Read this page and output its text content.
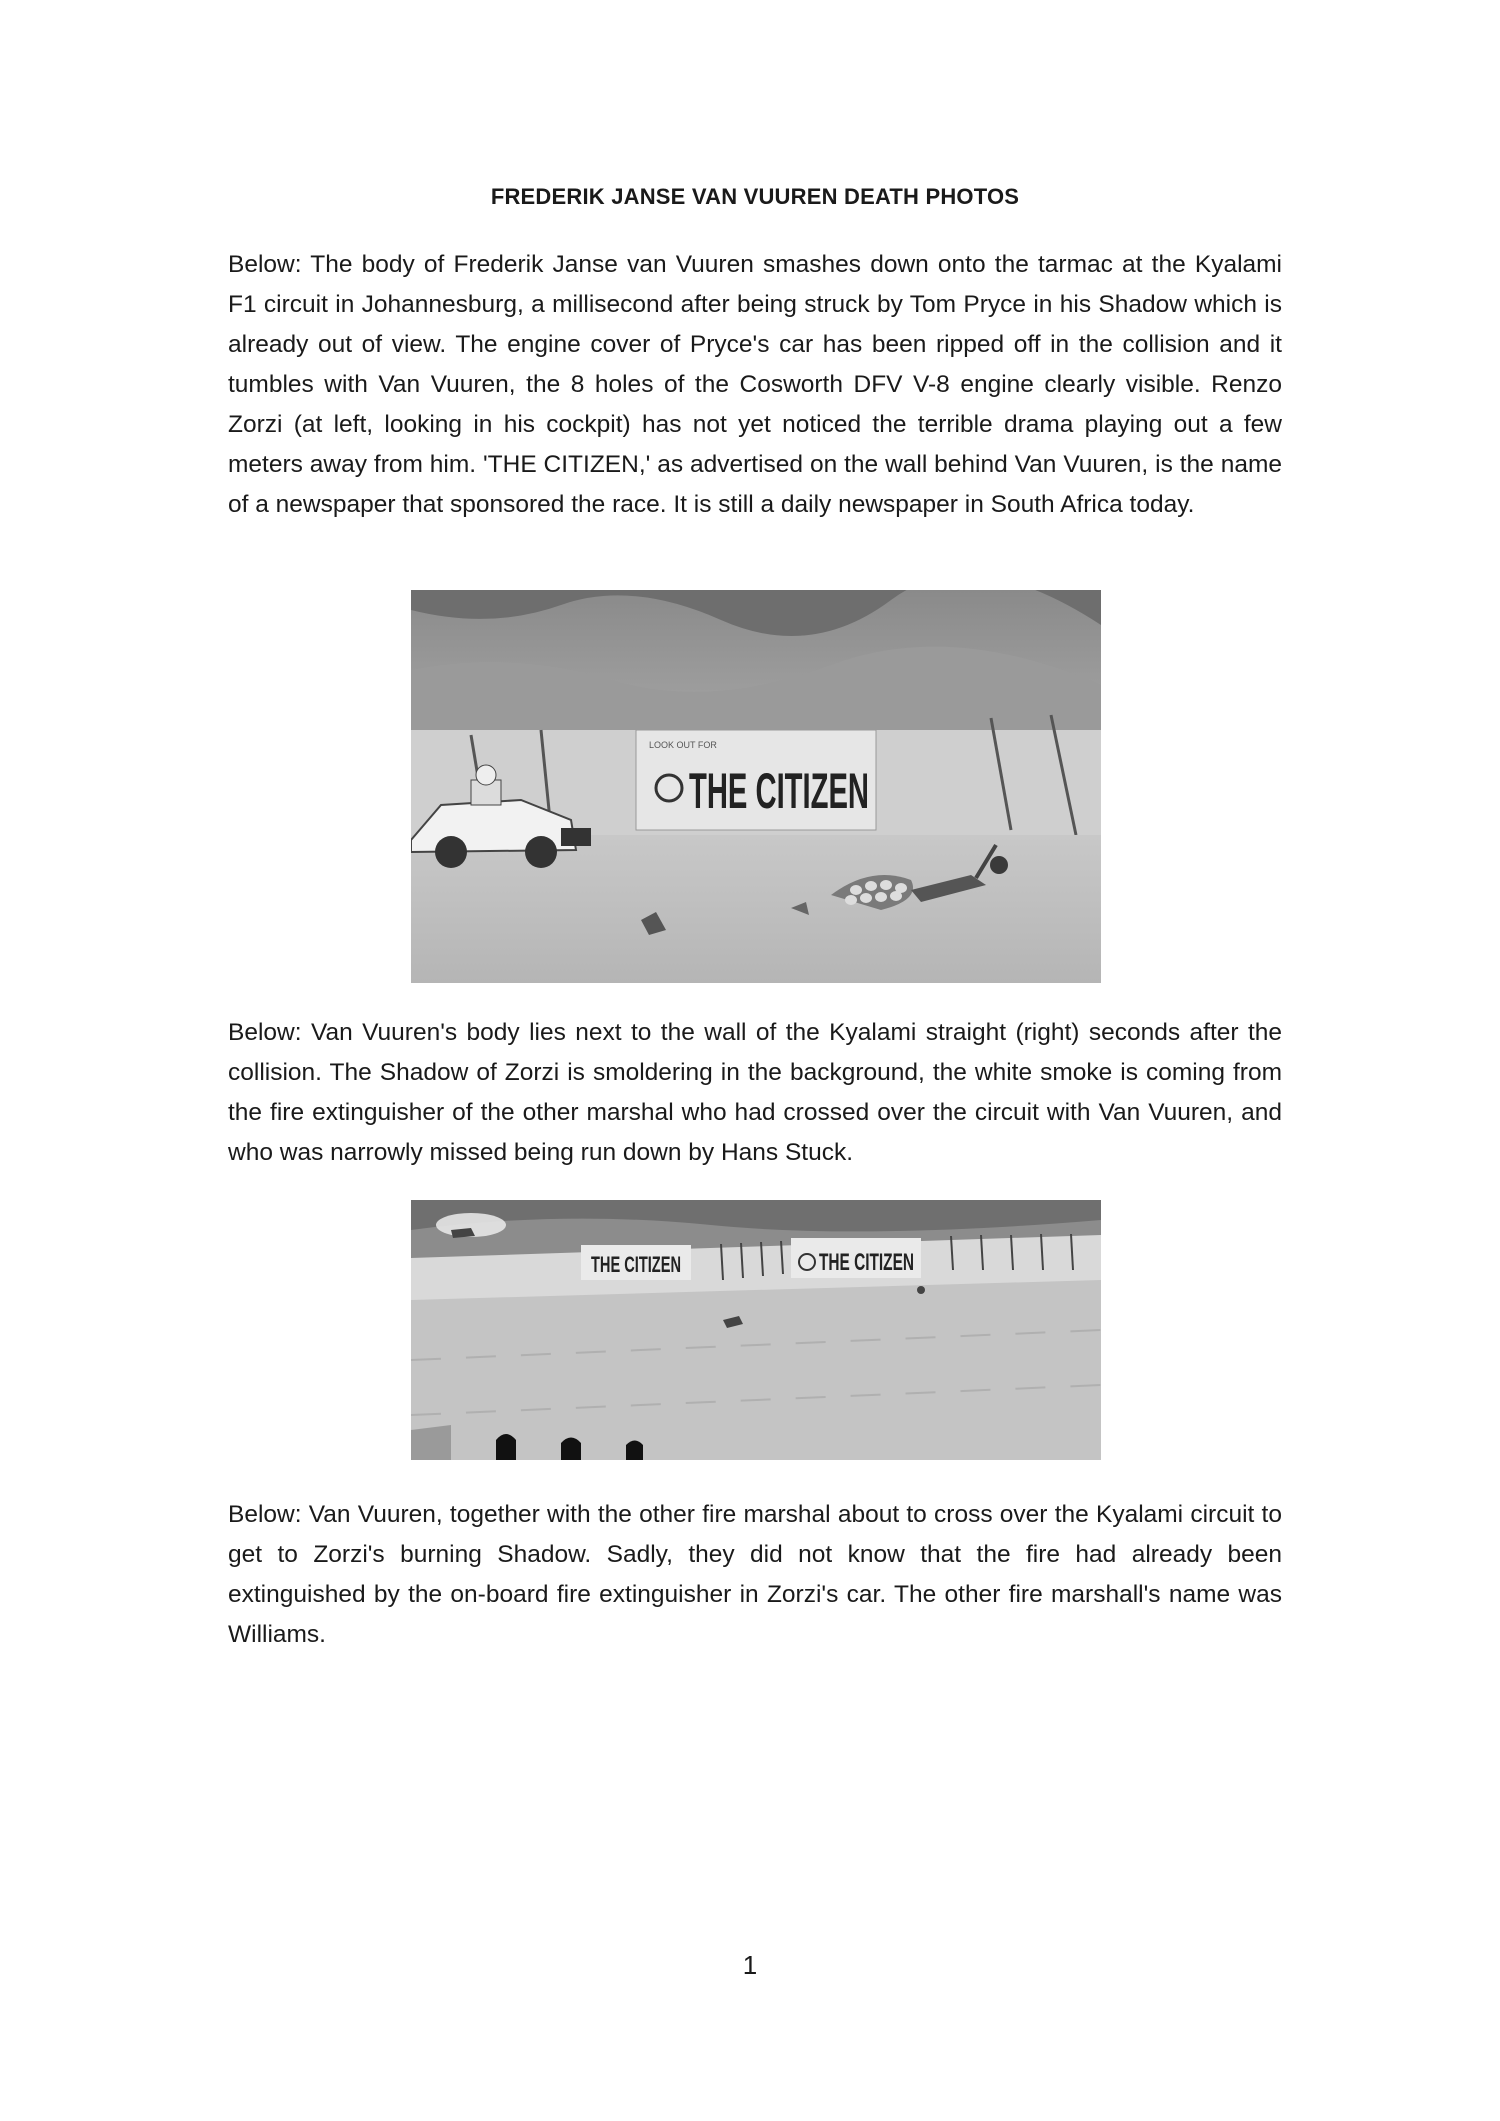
FREDERIK JANSE VAN VUUREN DEATH PHOTOS

Below: The body of Frederik Janse van Vuuren smashes down onto the tarmac at the Kyalami F1 circuit in Johannesburg, a millisecond after being struck by Tom Pryce in his Shadow which is already out of view. The engine cover of Pryce's car has been ripped off in the collision and it tumbles with Van Vuuren, the 8 holes of the Cosworth DFV V-8 engine clearly visible. Renzo Zorzi (at left, looking in his cockpit) has not yet noticed the terrible drama playing out a few meters away from him. 'THE CITIZEN,' as advertised on the wall behind Van Vuuren, is the name of a newspaper that sponsored the race. It is still a daily newspaper in South Africa today.

LOOK OUT FOR
THE CITIZEN

Below: Van Vuuren's body lies next to the wall of the Kyalami straight (right) seconds after the collision. The Shadow of Zorzi is smoldering in the background, the white smoke is coming from the fire extinguisher of the other marshal who had crossed over the circuit with Van Vuuren, and who was narrowly missed being run down by Hans Stuck.

THE CITIZEN	THE CITIZEN

Below: Van Vuuren, together with the other fire marshal about to cross over the Kyalami circuit to get to Zorzi's burning Shadow. Sadly, they did not know that the fire had already been extinguished by the on-board fire extinguisher in Zorzi's car. The other fire marshall's name was Williams.

1
